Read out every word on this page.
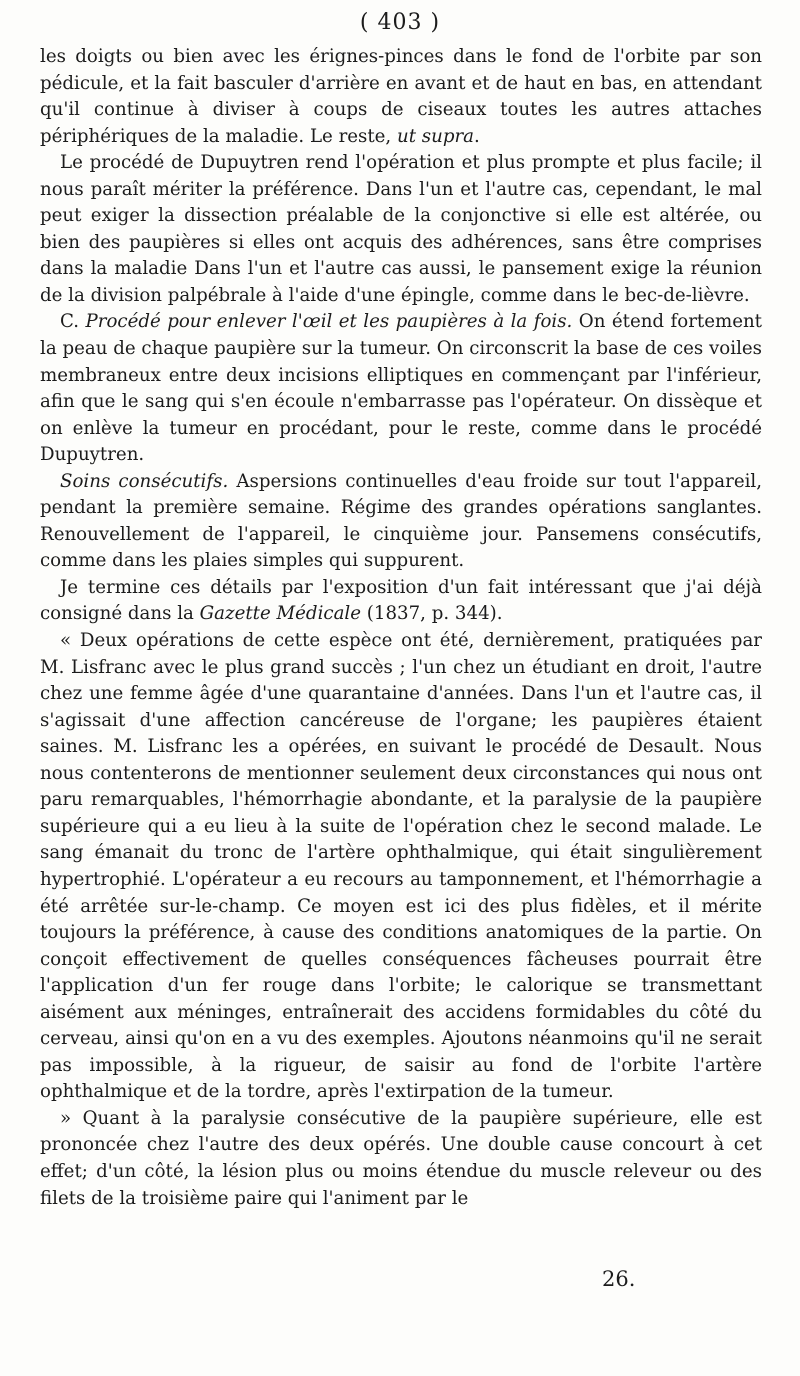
( 403 )

les doigts ou bien avec les érignes-pinces dans le fond de l'orbite par son pédicule, et la fait basculer d'arrière en avant et de haut en bas, en attendant qu'il continue à diviser à coups de ciseaux toutes les autres attaches périphériques de la maladie. Le reste, ut supra.

Le procédé de Dupuytren rend l'opération et plus prompte et plus facile; il nous paraît mériter la préférence. Dans l'un et l'autre cas, cependant, le mal peut exiger la dissection préalable de la conjonctive si elle est altérée, ou bien des paupières si elles ont acquis des adhérences, sans être comprises dans la maladie Dans l'un et l'autre cas aussi, le pansement exige la réunion de la division palpébrale à l'aide d'une épingle, comme dans le bec-de-lièvre.

C. Procédé pour enlever l'œil et les paupières à la fois. On étend fortement la peau de chaque paupière sur la tumeur. On circonscrit la base de ces voiles membraneux entre deux incisions elliptiques en commençant par l'inférieur, afin que le sang qui s'en écoule n'embarrasse pas l'opérateur. On dissèque et on enlève la tumeur en procédant, pour le reste, comme dans le procédé Dupuytren.

Soins consécutifs. Aspersions continuelles d'eau froide sur tout l'appareil, pendant la première semaine. Régime des grandes opérations sanglantes. Renouvellement de l'appareil, le cinquième jour. Pansemens consécutifs, comme dans les plaies simples qui suppurent.

Je termine ces détails par l'exposition d'un fait intéressant que j'ai déjà consigné dans la Gazette Médicale (1837, p. 344).

« Deux opérations de cette espèce ont été, dernièrement, pratiquées par M. Lisfranc avec le plus grand succès ; l'un chez un étudiant en droit, l'autre chez une femme âgée d'une quarantaine d'années. Dans l'un et l'autre cas, il s'agissait d'une affection cancéreuse de l'organe; les paupières étaient saines. M. Lisfranc les a opérées, en suivant le procédé de Desault. Nous nous contenterons de mentionner seulement deux circonstances qui nous ont paru remarquables, l'hémorrhagie abondante, et la paralysie de la paupière supérieure qui a eu lieu à la suite de l'opération chez le second malade. Le sang émanait du tronc de l'artère ophthalmique, qui était singulièrement hypertrophié. L'opérateur a eu recours au tamponnement, et l'hémorrhagie a été arrêtée sur-le-champ. Ce moyen est ici des plus fidèles, et il mérite toujours la préférence, à cause des conditions anatomiques de la partie. On conçoit effectivement de quelles conséquences fâcheuses pourrait être l'application d'un fer rouge dans l'orbite; le calorique se transmettant aisément aux méninges, entraînerait des accidens formidables du côté du cerveau, ainsi qu'on en a vu des exemples. Ajoutons néanmoins qu'il ne serait pas impossible, à la rigueur, de saisir au fond de l'orbite l'artère ophthalmique et de la tordre, après l'extirpation de la tumeur.

» Quant à la paralysie consécutive de la paupière supérieure, elle est prononcée chez l'autre des deux opérés. Une double cause concourt à cet effet; d'un côté, la lésion plus ou moins étendue du muscle releveur ou des filets de la troisième paire qui l'animent par le

26.
